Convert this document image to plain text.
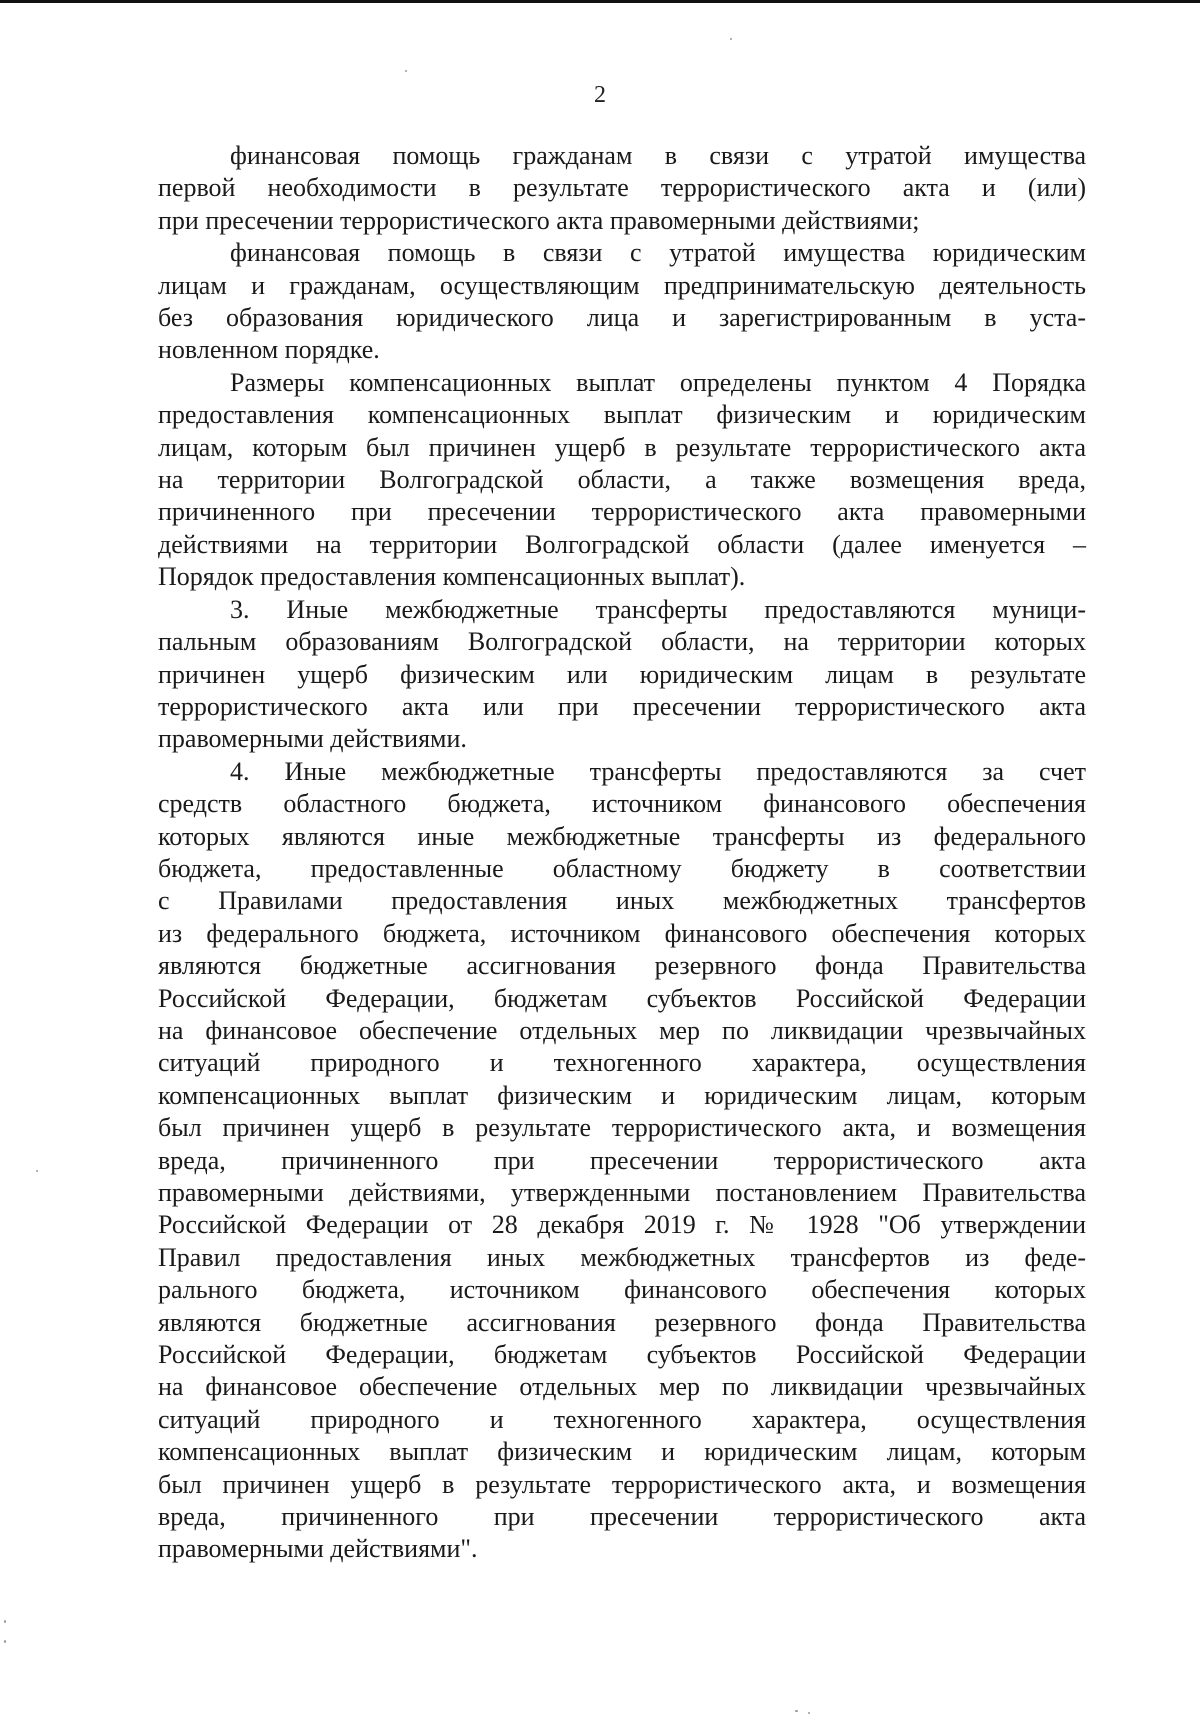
2
финансовая помощь гражданам в связи с утратой имущества
первой необходимости в результате террористического акта и (или)
при пресечении террористического акта правомерными действиями;
финансовая помощь в связи с утратой имущества юридическим
лицам и гражданам, осуществляющим предпринимательскую деятельность
без образования юридического лица и зарегистрированным в уста-
новленном порядке.
Размеры компенсационных выплат определены пунктом 4 Порядка
предоставления компенсационных выплат физическим и юридическим
лицам, которым был причинен ущерб в результате террористического акта
на территории Волгоградской области, а также возмещения вреда,
причиненного при пресечении террористического акта правомерными
действиями на территории Волгоградской области (далее именуется –
Порядок предоставления компенсационных выплат).
3. Иные межбюджетные трансферты предоставляются муници-
пальным образованиям Волгоградской области, на территории которых
причинен ущерб физическим или юридическим лицам в результате
террористического акта или при пресечении террористического акта
правомерными действиями.
4. Иные межбюджетные трансферты предоставляются за счет
средств областного бюджета, источником финансового обеспечения
которых являются иные межбюджетные трансферты из федерального
бюджета, предоставленные областному бюджету в соответствии
с Правилами предоставления иных межбюджетных трансфертов
из федерального бюджета, источником финансового обеспечения которых
являются бюджетные ассигнования резервного фонда Правительства
Российской Федерации, бюджетам субъектов Российской Федерации
на финансовое обеспечение отдельных мер по ликвидации чрезвычайных
ситуаций природного и техногенного характера, осуществления
компенсационных выплат физическим и юридическим лицам, которым
был причинен ущерб в результате террористического акта, и возмещения
вреда, причиненного при пресечении террористического акта
правомерными действиями, утвержденными постановлением Правительства
Российской Федерации от 28 декабря 2019 г. № 1928 "Об утверждении
Правил предоставления иных межбюджетных трансфертов из феде-
рального бюджета, источником финансового обеспечения которых
являются бюджетные ассигнования резервного фонда Правительства
Российской Федерации, бюджетам субъектов Российской Федерации
на финансовое обеспечение отдельных мер по ликвидации чрезвычайных
ситуаций природного и техногенного характера, осуществления
компенсационных выплат физическим и юридическим лицам, которым
был причинен ущерб в результате террористического акта, и возмещения
вреда, причиненного при пресечении террористического акта
правомерными действиями".
